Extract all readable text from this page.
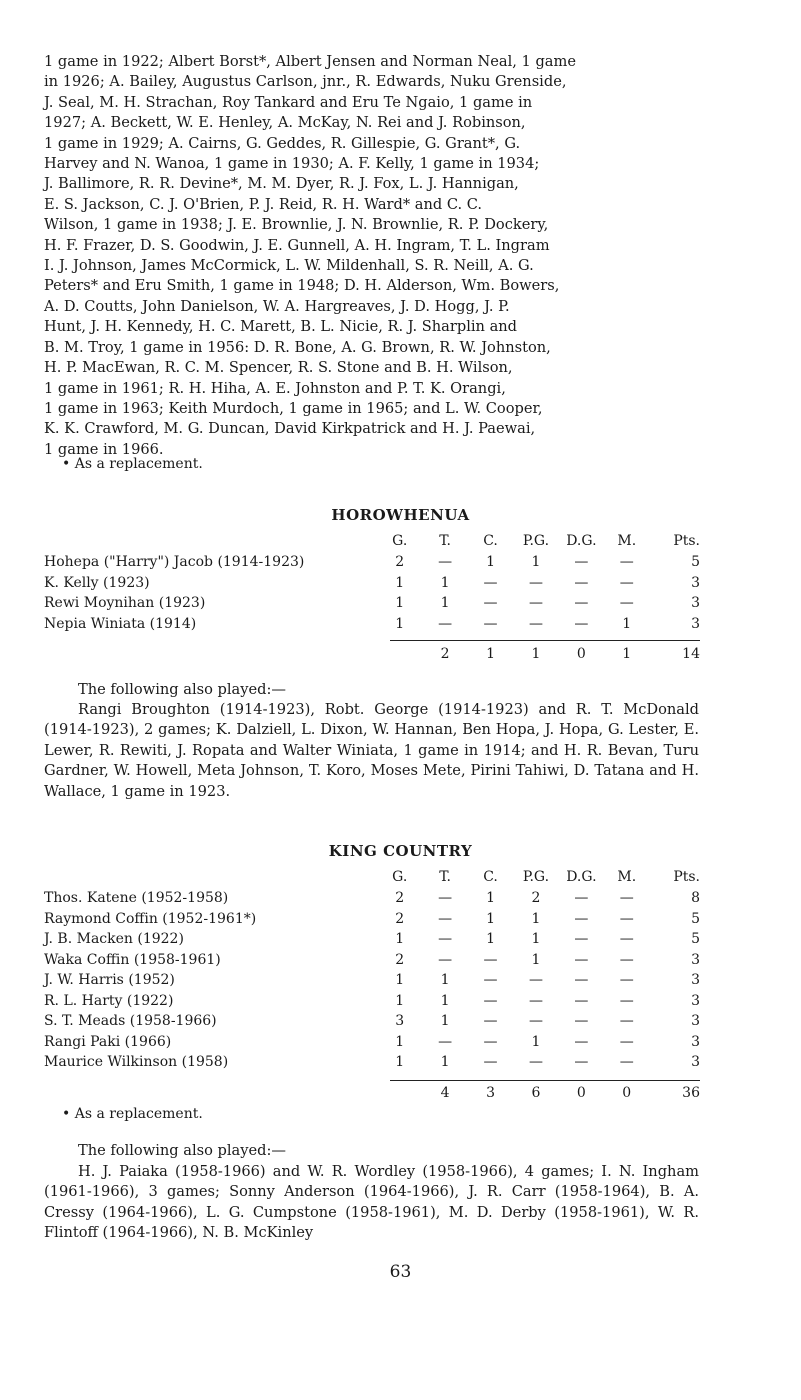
1 game in 1922; Albert Borst*, Albert Jensen and Norman Neal, 1 game
in 1926; A. Bailey, Augustus Carlson, jnr., R. Edwards, Nuku Grenside,
J. Seal, M. H. Strachan, Roy Tankard and Eru Te Ngaio, 1 game in
1927; A. Beckett, W. E. Henley, A. McKay, N. Rei and J. Robinson,
1 game in 1929; A. Cairns, G. Geddes, R. Gillespie, G. Grant*, G.
Harvey and N. Wanoa, 1 game in 1930; A. F. Kelly, 1 game in 1934;
J. Ballimore, R. R. Devine*, M. M. Dyer, R. J. Fox, L. J. Hannigan,
E. S. Jackson, C. J. O'Brien, P. J. Reid, R. H. Ward* and C. C.
Wilson, 1 game in 1938; J. E. Brownlie, J. N. Brownlie, R. P. Dockery,
H. F. Frazer, D. S. Goodwin, J. E. Gunnell, A. H. Ingram, T. L. Ingram
I. J. Johnson, James McCormick, L. W. Mildenhall, S. R. Neill, A. G.
Peters* and Eru Smith, 1 game in 1948; D. H. Alderson, Wm. Bowers,
A. D. Coutts, John Danielson, W. A. Hargreaves, J. D. Hogg, J. P.
Hunt, J. H. Kennedy, H. C. Marett, B. L. Nicie, R. J. Sharplin and
B. M. Troy, 1 game in 1956: D. R. Bone, A. G. Brown, R. W. Johnston,
H. P. MacEwan, R. C. M. Spencer, R. S. Stone and B. H. Wilson,
1 game in 1961; R. H. Hiha, A. E. Johnston and P. T. K. Orangi,
1 game in 1963; Keith Murdoch, 1 game in 1965; and L. W. Cooper,
K. K. Crawford, M. G. Duncan, David Kirkpatrick and H. J. Paewai,
1 game in 1966.
• As a replacement.
HOROWHENUA
	G.	T.	C.	P.G.	D.G.	M.	Pts.
Hohepa ("Harry") Jacob (1914-1923)	2	—	1	1	—	—	5
K. Kelly (1923)	1	1	—	—	—	—	3
Rewi Moynihan (1923)	1	1	—	—	—	—	3
Nepia Winiata (1914)	1	—	—	—	—	1	3
		2	1	1	0	1	14
The following also played:—

Rangi Broughton (1914-1923), Robt. George (1914-1923) and R. T. McDonald (1914-1923), 2 games; K. Dalziell, L. Dixon, W. Hannan, Ben Hopa, J. Hopa, G. Lester, E. Lewer, R. Rewiti, J. Ropata and Walter Winiata, 1 game in 1914; and H. R. Bevan, Turu Gardner, W. Howell, Meta Johnson, T. Koro, Moses Mete, Pirini Tahiwi, D. Tatana and H. Wallace, 1 game in 1923.

KING COUNTRY
	G.	T.	C.	P.G.	D.G.	M.	Pts.
Thos. Katene (1952-1958)	2	—	1	2	—	—	8
Raymond Coffin (1952-1961*)	2	—	1	1	—	—	5
J. B. Macken (1922)	1	—	1	1	—	—	5
Waka Coffin (1958-1961)	2	—	—	1	—	—	3
J. W. Harris (1952)	1	1	—	—	—	—	3
R. L. Harty (1922)	1	1	—	—	—	—	3
S. T. Meads (1958-1966)	3	1	—	—	—	—	3
Rangi Paki (1966)	1	—	—	1	—	—	3
Maurice Wilkinson (1958)	1	1	—	—	—	—	3
		4	3	6	0	0	36
• As a replacement.
The following also played:—

H. J. Paiaka (1958-1966) and W. R. Wordley (1958-1966), 4 games; I. N. Ingham (1961-1966), 3 games; Sonny Anderson (1964-1966), J. R. Carr (1958-1964), B. A. Cressy (1964-1966), L. G. Cumpstone (1958-1961), M. D. Derby (1958-1961), W. R. Flintoff (1964-1966), N. B. McKinley

63
